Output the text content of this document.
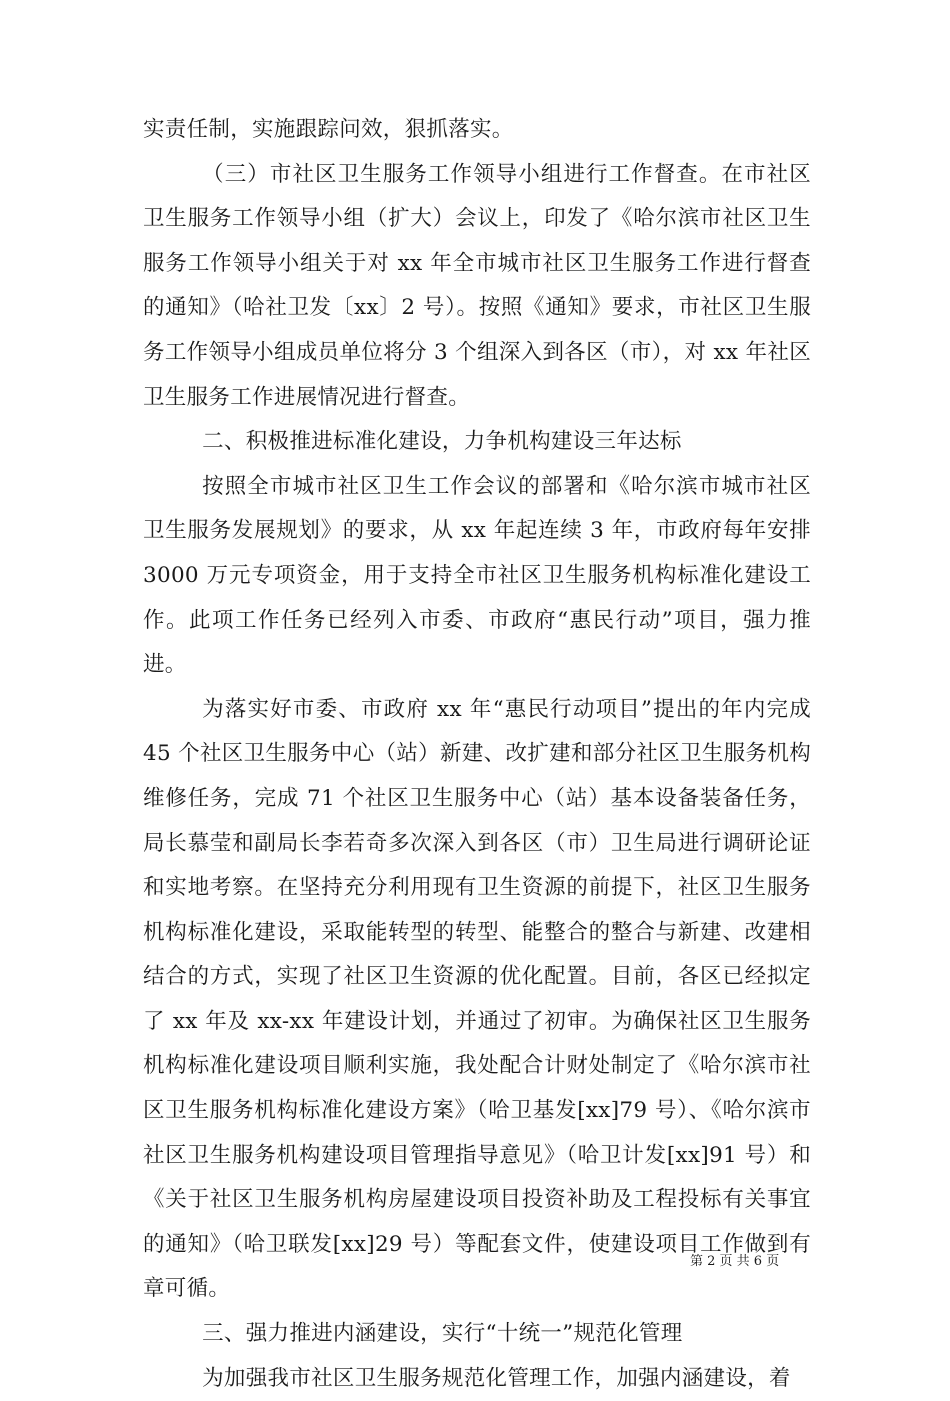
实责任制，实施跟踪问效，狠抓落实。

（三）市社区卫生服务工作领导小组进行工作督查。在市社区卫生服务工作领导小组（扩大）会议上，印发了《哈尔滨市社区卫生服务工作领导小组关于对 xx 年全市城市社区卫生服务工作进行督查的通知》（哈社卫发〔xx〕2 号）。按照《通知》要求，市社区卫生服务工作领导小组成员单位将分 3 个组深入到各区（市），对 xx 年社区卫生服务工作进展情况进行督查。

二、积极推进标准化建设，力争机构建设三年达标

按照全市城市社区卫生工作会议的部署和《哈尔滨市城市社区卫生服务发展规划》的要求，从 xx 年起连续 3 年，市政府每年安排 3000 万元专项资金，用于支持全市社区卫生服务机构标准化建设工作。此项工作任务已经列入市委、市政府“惠民行动”项目，强力推进。

为落实好市委、市政府 xx 年“惠民行动项目”提出的年内完成 45 个社区卫生服务中心（站）新建、改扩建和部分社区卫生服务机构维修任务，完成 71 个社区卫生服务中心（站）基本设备装备任务，局长慕莹和副局长李若奇多次深入到各区（市）卫生局进行调研论证和实地考察。在坚持充分利用现有卫生资源的前提下，社区卫生服务机构标准化建设，采取能转型的转型、能整合的整合与新建、改建相结合的方式，实现了社区卫生资源的优化配置。目前，各区已经拟定了 xx 年及 xx-xx 年建设计划，并通过了初审。为确保社区卫生服务机构标准化建设项目顺利实施，我处配合计财处制定了《哈尔滨市社区卫生服务机构标准化建设方案》（哈卫基发[xx]79 号）、《哈尔滨市社区卫生服务机构建设项目管理指导意见》（哈卫计发[xx]91 号）和《关于社区卫生服务机构房屋建设项目投资补助及工程投标有关事宜的通知》（哈卫联发[xx]29 号）等配套文件，使建设项目工作做到有章可循。

三、强力推进内涵建设，实行“十统一”规范化管理

为加强我市社区卫生服务规范化管理工作，加强内涵建设，着

第 2 页 共 6 页
